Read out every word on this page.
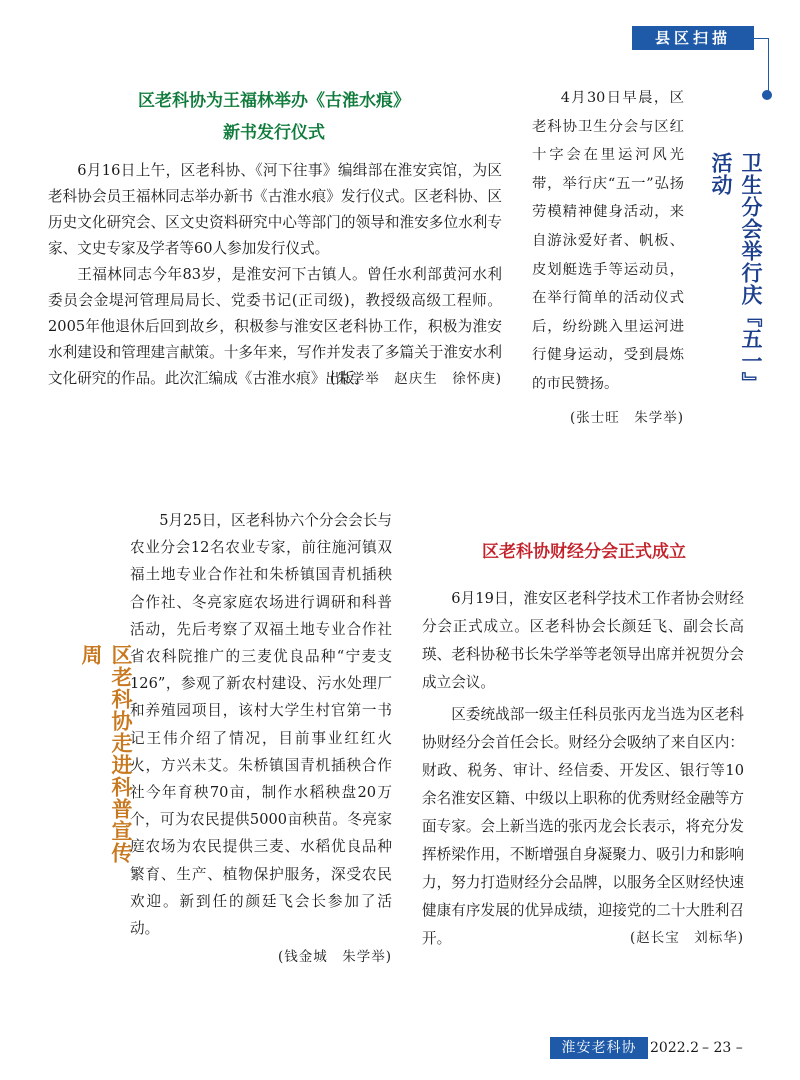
县区扫描
区老科协为王福林举办《古淮水痕》
新书发行仪式

6月16日上午，区老科协、《河下往事》编缉部在淮安宾馆，为区老科协会员王福林同志举办新书《古淮水痕》发行仪式。区老科协、区历史文化研究会、区文史资料研究中心等部门的领导和淮安多位水利专家、文史专家及学者等60人参加发行仪式。

王福林同志今年83岁，是淮安河下古镇人。曾任水利部黄河水利委员会金堤河管理局局长、党委书记(正司级)，教授级高级工程师。2005年他退休后回到故乡，积极参与淮安区老科协工作，积极为淮安水利建设和管理建言献策。十多年来，写作并发表了多篇关于淮安水利文化研究的作品。此次汇编成《古淮水痕》出版。

(朱学举　赵庆生　徐怀庚)

4月30日早晨，区老科协卫生分会与区红十字会在里运河风光带，举行庆“五一”弘扬劳模精神健身活动，来自游泳爱好者、帆板、皮划艇选手等运动员，在举行简单的活动仪式后，纷纷跳入里运河进行健身运动，受到晨炼的市民赞扬。

(张士旺　朱学举)

卫生分会举行庆『五一』活动
区老科协走进科普宣传周

5月25日，区老科协六个分会会长与农业分会12名农业专家，前往施河镇双福土地专业合作社和朱桥镇国青机插秧合作社、冬亮家庭农场进行调研和科普活动，先后考察了双福土地专业合作社省农科院推广的三麦优良品种“宁麦支126”，参观了新农村建设、污水处理厂和养殖园项目，该村大学生村官第一书记王伟介绍了情况，目前事业红红火火，方兴未艾。朱桥镇国青机插秧合作社今年育秧70亩，制作水稻秧盘20万个，可为农民提供5000亩秧苗。冬亮家庭农场为农民提供三麦、水稻优良品种繁育、生产、植物保护服务，深受农民欢迎。新到任的颜廷飞会长参加了活动。

(钱金城　朱学举)

区老科协财经分会正式成立

6月19日，淮安区老科学技术工作者协会财经分会正式成立。区老科协会长颜廷飞、副会长高瑛、老科协秘书长朱学举等老领导出席并祝贺分会成立会议。

区委统战部一级主任科员张丙龙当选为区老科协财经分会首任会长。财经分会吸纳了来自区内：财政、税务、审计、经信委、开发区、银行等10余名淮安区籍、中级以上职称的优秀财经金融等方面专家。会上新当选的张丙龙会长表示，将充分发挥桥梁作用，不断增强自身凝聚力、吸引力和影响力，努力打造财经分会品牌，以服务全区财经快速健康有序发展的优异成绩，迎接党的二十大胜利召开。	(赵长宝　刘标华)

淮安老科协 2022.2 – 23 –
